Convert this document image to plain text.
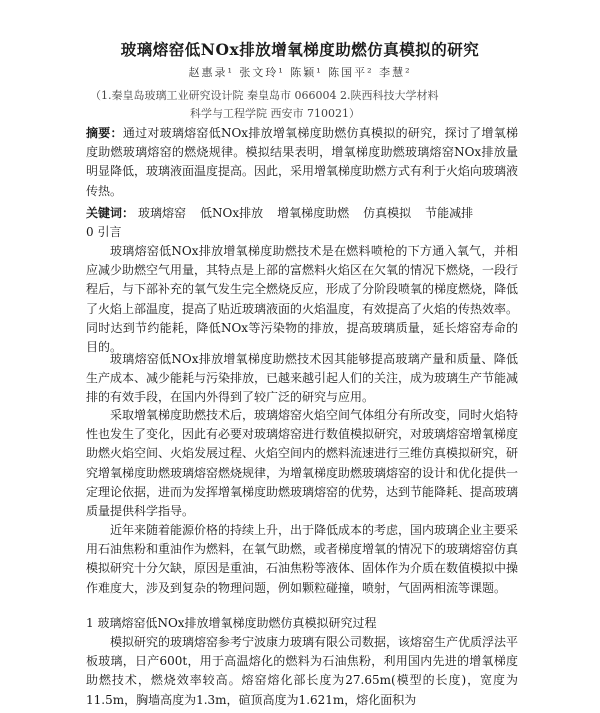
玻璃熔窑低NOx排放增氧梯度助燃仿真模拟的研究
赵惠录¹ 张文玲¹ 陈颖¹ 陈国平² 李慧²
（1.秦皇岛玻璃工业研究设计院 秦皇岛市 066004 2.陕西科技大学材料
科学与工程学院 西安市 710021）
摘要：通过对玻璃熔窑低NOx排放增氧梯度助燃仿真模拟的研究，探讨了增氧梯度助燃玻璃熔窑的燃烧规律。模拟结果表明，增氧梯度助燃玻璃熔窑NOx排放量明显降低，玻璃液面温度提高。因此，采用增氧梯度助燃方式有利于火焰向玻璃液传热。
关键词： 玻璃熔窑 低NOx排放 增氧梯度助燃 仿真模拟 节能减排
0 引言
玻璃熔窑低NOx排放增氧梯度助燃技术是在燃料喷枪的下方通入氧气，并相应减少助燃空气用量，其特点是上部的富燃料火焰区在欠氧的情况下燃烧，一段行程后，与下部补充的氧气发生完全燃烧反应，形成了分阶段喷氧的梯度燃烧，降低了火焰上部温度，提高了贴近玻璃液面的火焰温度，有效提高了火焰的传热效率。同时达到节约能耗，降低NOx等污染物的排放，提高玻璃质量，延长熔窑寿命的目的。
玻璃熔窑低NOx排放增氧梯度助燃技术因其能够提高玻璃产量和质量、降低生产成本、减少能耗与污染排放，已越来越引起人们的关注，成为玻璃生产节能减排的有效手段，在国内外得到了较广泛的研究与应用。
采取增氧梯度助燃技术后，玻璃熔窑火焰空间气体组分有所改变，同时火焰特性也发生了变化，因此有必要对玻璃熔窑进行数值模拟研究，对玻璃熔窑增氧梯度助燃火焰空间、火焰发展过程、火焰空间内的燃料流速进行三维仿真模拟研究，研究增氧梯度助燃玻璃熔窑燃烧规律，为增氧梯度助燃玻璃熔窑的设计和优化提供一定理论依据，进而为发挥增氧梯度助燃玻璃熔窑的优势，达到节能降耗、提高玻璃质量提供科学指导。
近年来随着能源价格的持续上升，出于降低成本的考虑，国内玻璃企业主要采用石油焦粉和重油作为燃料，在氧气助燃，或者梯度增氧的情况下的玻璃熔窑仿真模拟研究十分欠缺，原因是重油，石油焦粉等液体、固体作为介质在数值模拟中操作难度大，涉及到复杂的物理问题，例如颗粒碰撞，喷射，气固两相流等课题。
1 玻璃熔窑低NOx排放增氧梯度助燃仿真模拟研究过程
模拟研究的玻璃熔窑参考宁波康力玻璃有限公司数据，该熔窑生产优质浮法平板玻璃，日产600t，用于高温熔化的燃料为石油焦粉，利用国内先进的增氧梯度助燃技术，燃烧效率较高。熔窑熔化部长度为27.65m(模型的长度)，宽度为11.5m，胸墙高度为1.3m，碹顶高度为1.621m，熔化面积为
